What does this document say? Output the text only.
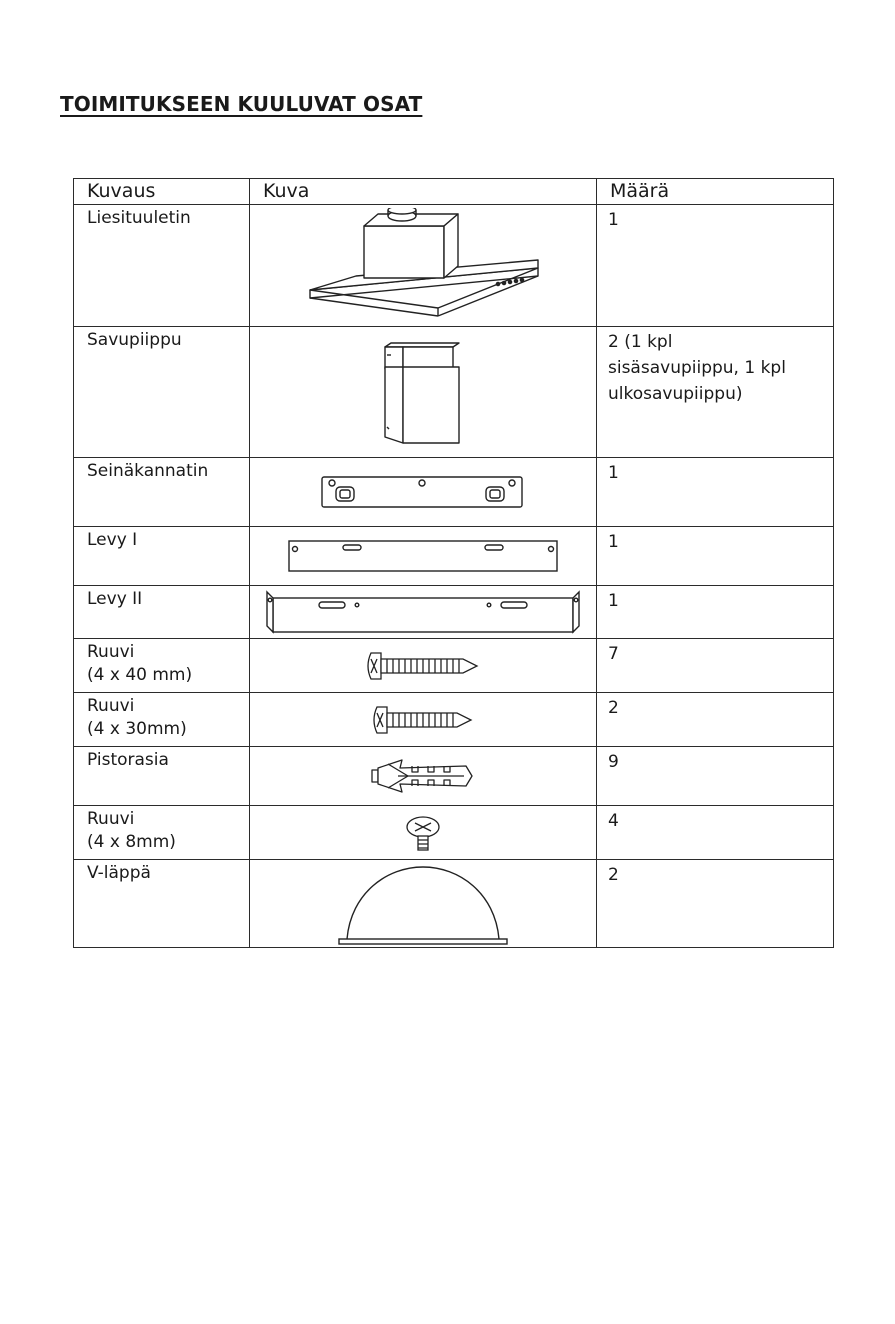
TOIMITUKSEEN KUULUVAT OSAT
Kuvaus	Kuva	Määrä

Liesituuletin		1

Savupiippu		2 (1 kpl
sisäsavupiippu, 1 kpl
ulkosavupiippu)

Seinäkannatin		1

Levy I		1

Levy II		1

Ruuvi
(4 x 40 mm)		7

Ruuvi
(4 x 30mm)		2

Pistorasia		9

Ruuvi
(4 x 8mm)		4

V-läppä		2
